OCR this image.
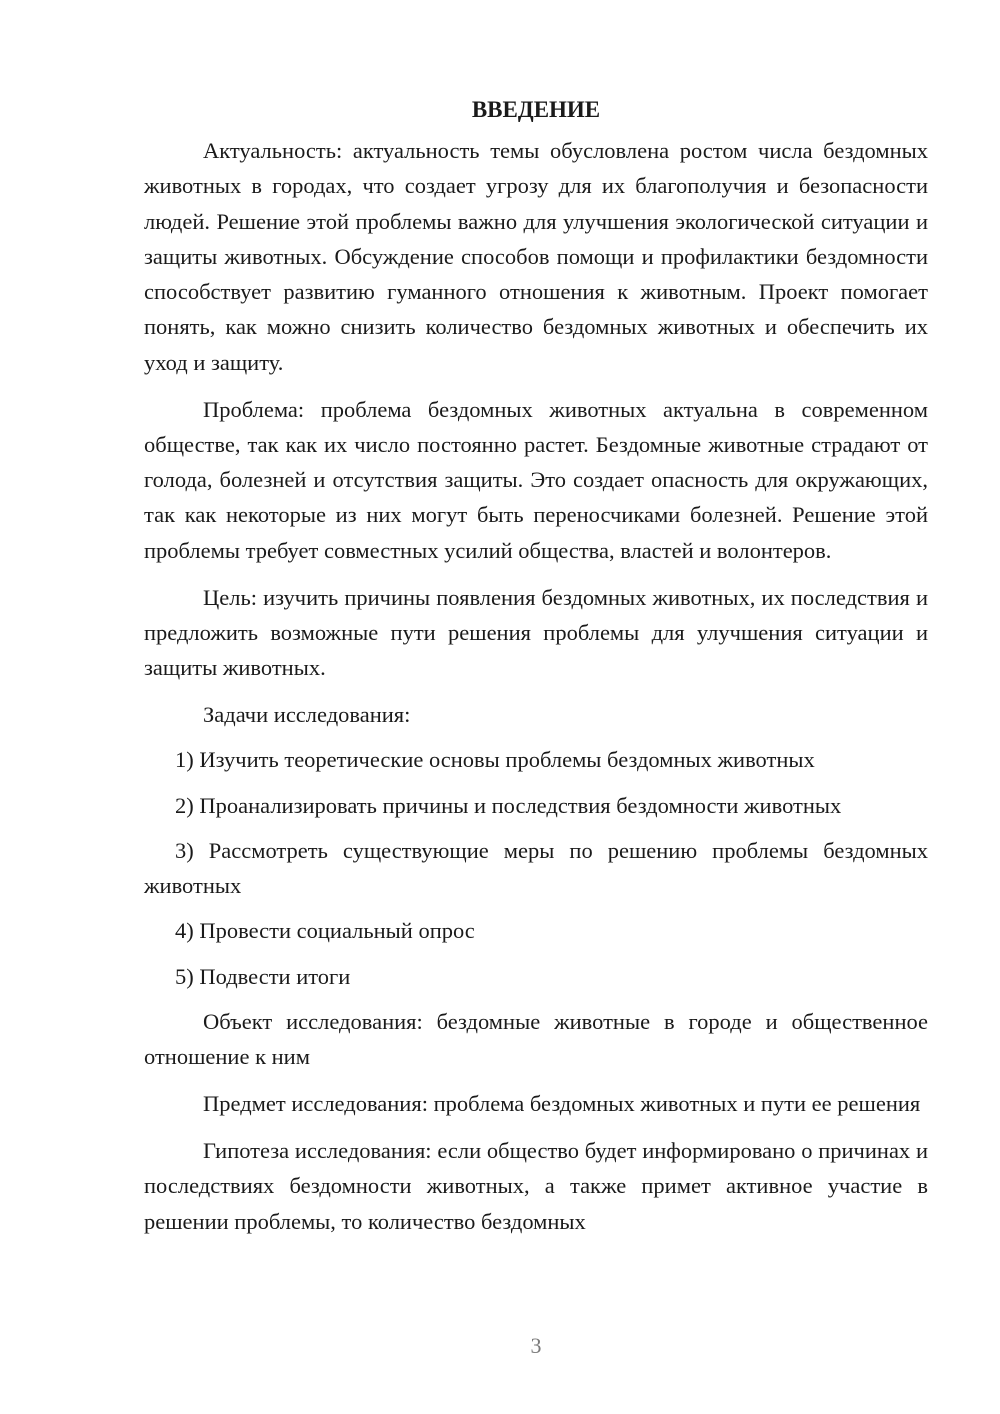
ВВЕДЕНИЕ

Актуальность: актуальность темы обусловлена ростом числа бездомных животных в городах, что создает угрозу для их благополучия и безопасности людей. Решение этой проблемы важно для улучшения экологической ситуации и защиты животных. Обсуждение способов помощи и профилактики бездомности способствует развитию гуманного отношения к животным. Проект помогает понять, как можно снизить количество бездомных животных и обеспечить их уход и защиту.

Проблема: проблема бездомных животных актуальна в современном обществе, так как их число постоянно растет. Бездомные животные страдают от голода, болезней и отсутствия защиты. Это создает опасность для окружающих, так как некоторые из них могут быть переносчиками болезней. Решение этой проблемы требует совместных усилий общества, властей и волонтеров.

Цель: изучить причины появления бездомных животных, их последствия и предложить возможные пути решения проблемы для улучшения ситуации и защиты животных.

Задачи исследования:

1) Изучить теоретические основы проблемы бездомных животных

2) Проанализировать причины и последствия бездомности животных

3) Рассмотреть существующие меры по решению проблемы бездомных животных

4) Провести социальный опрос

5) Подвести итоги

Объект исследования: бездомные животные в городе и общественное отношение к ним

Предмет исследования: проблема бездомных животных и пути ее решения

Гипотеза исследования: если общество будет информировано о причинах и последствиях бездомности животных, а также примет активное участие в решении проблемы, то количество бездомных

3
